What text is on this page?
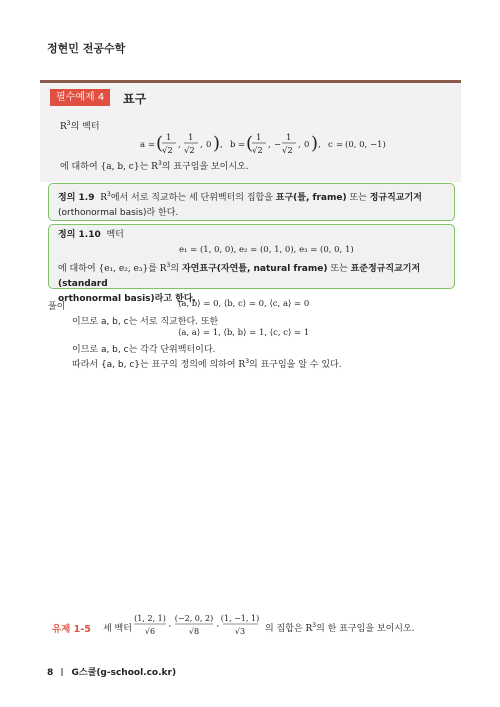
정현민 전공수학
필수예제 4	표구
$R^3$의 벡터
a = ( 1
√2
,
1
√2
, 0 ) , b = ( 1
√2
, −
1
√2
, 0 ) , c = (0, 0, −1)
에 대하여 {a, b, c}는 $R^3$의 표구임을 보이시오.
정의 1.9 $R^3$에서 서로 직교하는 세 단위벡터의 집합을 표구(틀, frame) 또는 정규직교기저
(orthonormal basis)라 한다.
정의 1.10 벡터
e₁ = (1, 0, 0), e₂ = (0, 1, 0), e₃ = (0, 0, 1)
에 대하여 {e₁, e₂, e₃}를 $R^3$의 자연표구(자연틀, natural frame) 또는 표준정규직교기저(standard
orthonormal basis)라고 한다.
풀이	⟨a, b⟩ = 0, ⟨b, c⟩ = 0, ⟨c, a⟩ = 0
이므로 a, b, c는 서로 직교한다. 또한
⟨a, a⟩ = 1, ⟨b, b⟩ = 1, ⟨c, c⟩ = 1
이므로 a, b, c는 각각 단위벡터이다.
따라서 {a, b, c}는 표구의 정의에 의하여 $R^3$의 표구임을 알 수 있다.
유제 1-5 세 벡터
(1, 2, 1)
√6
,
(−2, 0, 2)
√8
,
(1, −1, 1)
√3 의 집합은 $R^3$의 한 표구임을 보이시오.
8 G스쿨(g-school.co.kr)
